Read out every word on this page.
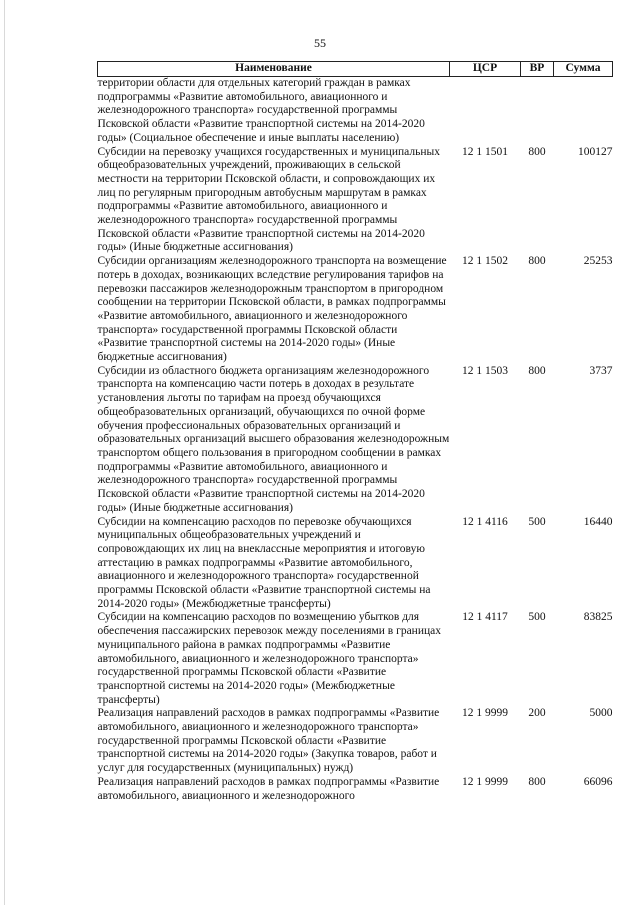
55
Наименование	ЦСР	ВР	Сумма
территории области для отдельных категорий граждан в рамках подпрограммы «Развитие автомобильного, авиационного и железнодорожного транспорта» государственной программы Псковской области «Развитие транспортной системы на 2014-2020 годы» (Социальное обеспечение и иные выплаты населению)			
Субсидии на перевозку учащихся государственных и муниципальных общеобразовательных учреждений, проживающих в сельской местности на территории Псковской области, и сопровождающих их лиц по регулярным пригородным автобусным маршрутам в рамках подпрограммы «Развитие автомобильного, авиационного и железнодорожного транспорта» государственной программы Псковской области «Развитие транспортной системы на 2014-2020 годы» (Иные бюджетные ассигнования)	12 1 1501	800	100127
Субсидии организациям железнодорожного транспорта на возмещение потерь в доходах, возникающих вследствие регулирования тарифов на перевозки пассажиров железнодорожным транспортом в пригородном сообщении на территории Псковской области, в рамках подпрограммы «Развитие автомобильного, авиационного и железнодорожного транспорта» государственной программы Псковской области «Развитие транспортной системы на 2014-2020 годы» (Иные бюджетные ассигнования)	12 1 1502	800	25253
Субсидии из областного бюджета организациям железнодорожного транспорта на компенсацию части потерь в доходах в результате установления льготы по тарифам на проезд обучающихся общеобразовательных организаций, обучающихся по очной форме обучения профессиональных образовательных организаций и образовательных организаций высшего образования железнодорожным транспортом общего пользования в пригородном сообщении в рамках подпрограммы «Развитие автомобильного, авиационного и железнодорожного транспорта» государственной программы Псковской области «Развитие транспортной системы на 2014-2020 годы» (Иные бюджетные ассигнования)	12 1 1503	800	3737
Субсидии на компенсацию расходов по перевозке обучающихся муниципальных общеобразовательных учреждений и сопровождающих их лиц на внеклассные мероприятия и итоговую аттестацию в рамках подпрограммы «Развитие автомобильного, авиационного и железнодорожного транспорта» государственной программы Псковской области «Развитие транспортной системы на 2014-2020 годы» (Межбюджетные трансферты)	12 1 4116	500	16440
Субсидии на компенсацию расходов по возмещению убытков для обеспечения пассажирских перевозок между поселениями в границах муниципального района в рамках подпрограммы «Развитие автомобильного, авиационного и железнодорожного транспорта» государственной программы Псковской области «Развитие транспортной системы на 2014-2020 годы» (Межбюджетные трансферты)	12 1 4117	500	83825
Реализация направлений расходов в рамках подпрограммы «Развитие автомобильного, авиационного и железнодорожного транспорта» государственной программы Псковской области «Развитие транспортной системы на 2014-2020 годы» (Закупка товаров, работ и услуг для государственных (муниципальных) нужд)	12 1 9999	200	5000
Реализация направлений расходов в рамках подпрограммы «Развитие автомобильного, авиационного и железнодорожного	12 1 9999	800	66096
